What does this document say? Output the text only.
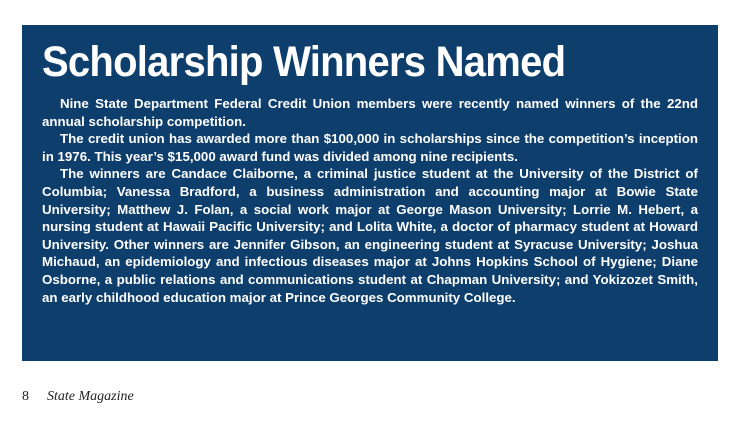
Scholarship Winners Named

Nine State Department Federal Credit Union members were recently named winners of the 22nd annual scholarship competition.

The credit union has awarded more than $100,000 in scholarships since the competition’s inception in 1976. This year’s $15,000 award fund was divided among nine recipients.

The winners are Candace Claiborne, a criminal justice student at the University of the District of Columbia; Vanessa Bradford, a business administration and accounting major at Bowie State University; Matthew J. Folan, a social work major at George Mason University; Lorrie M. Hebert, a nursing student at Hawaii Pacific University; and Lolita White, a doctor of pharmacy student at Howard University. Other winners are Jennifer Gibson, an engineering student at Syracuse University; Joshua Michaud, an epidemiology and infectious diseases major at Johns Hopkins School of Hygiene; Diane Osborne, a public relations and communications student at Chapman University; and Yokizozet Smith, an early childhood education major at Prince Georges Community College.

8 State Magazine
